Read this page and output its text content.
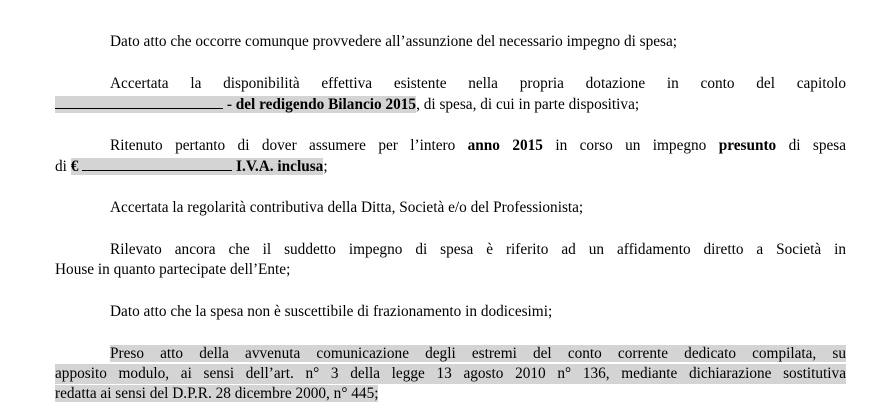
Dato atto che occorre comunque provvedere all’assunzione del necessario impegno di spesa;

Accertata la disponibilità effettiva esistente nella propria dotazione in conto del capitolo
- del redigendo Bilancio 2015, di spesa, di cui in parte dispositiva;

Ritenuto pertanto di dover assumere per l’intero anno 2015 in corso un impegno presunto di spesa
di €	I.V.A. inclusa;

Accertata la regolarità contributiva della Ditta, Società e/o del Professionista;

Rilevato ancora che il suddetto impegno di spesa è riferito ad un affidamento diretto a Società in
House in quanto partecipate dell’Ente;

Dato atto che la spesa non è suscettibile di frazionamento in dodicesimi;

Preso atto della avvenuta comunicazione degli estremi del conto corrente dedicato compilata, su
apposito modulo, ai sensi dell’art. n° 3 della legge 13 agosto 2010 n° 136, mediante dichiarazione sostitutiva
redatta ai sensi del D.P.R. 28 dicembre 2000, n° 445;
